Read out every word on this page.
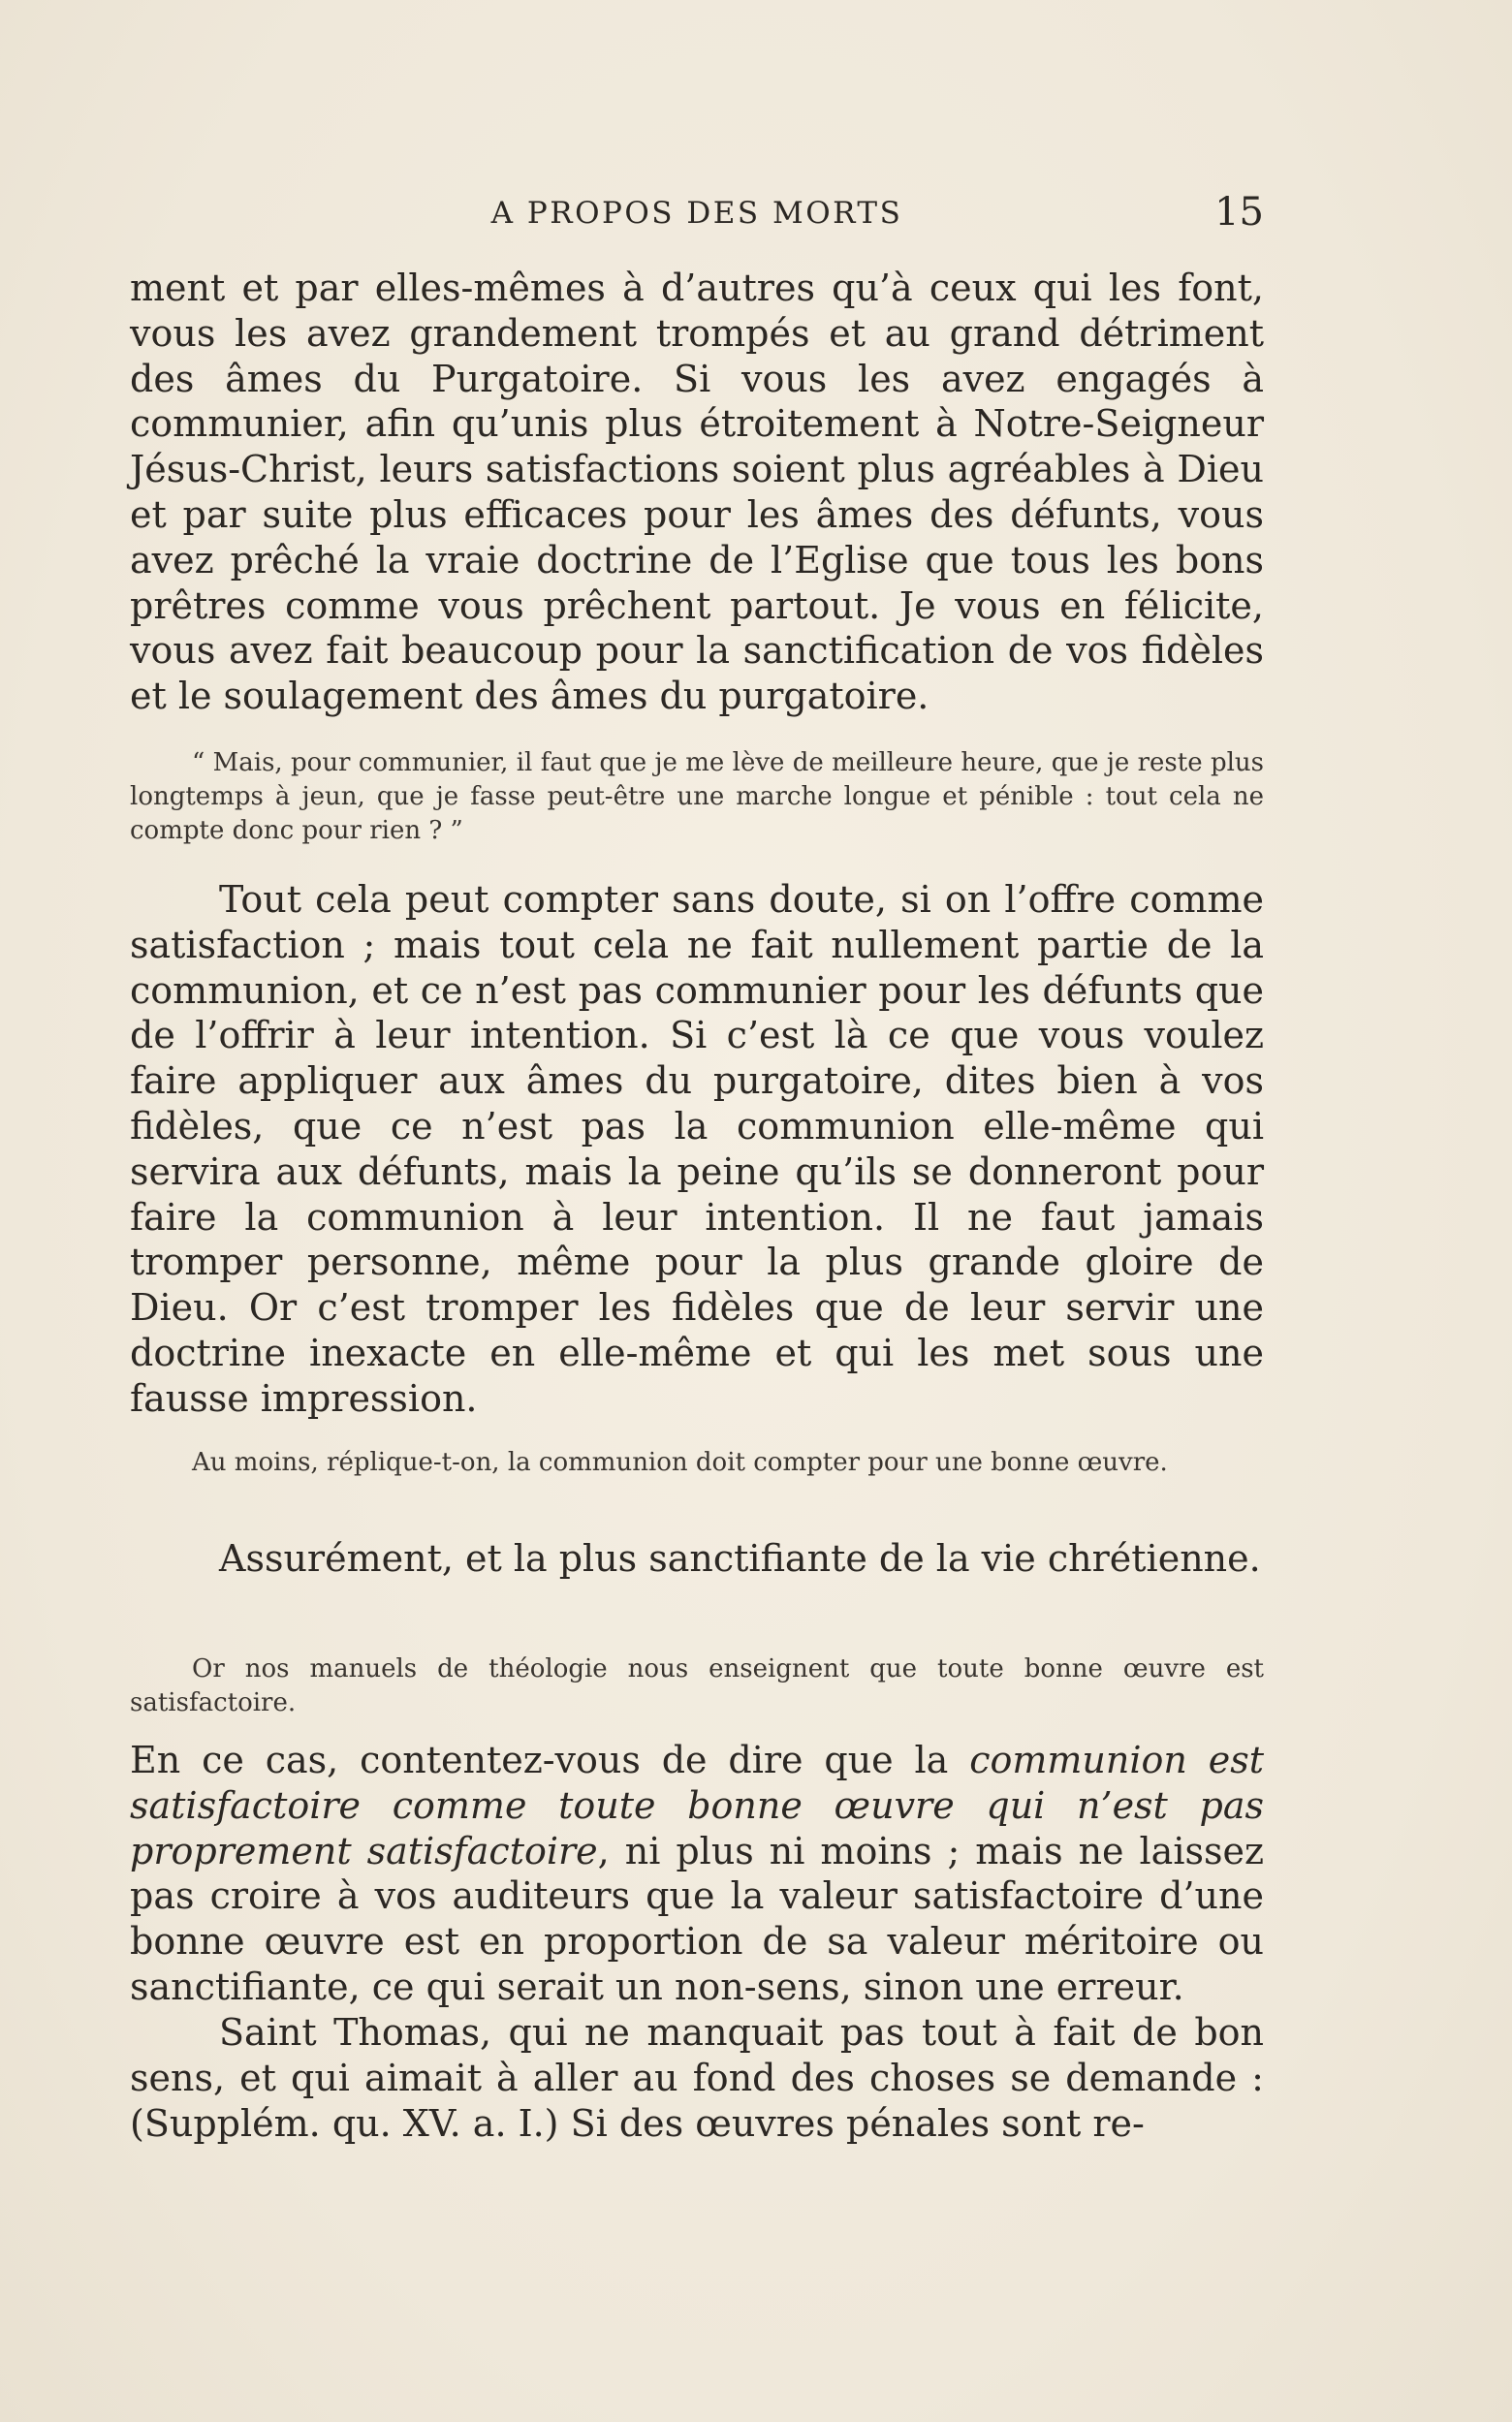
A PROPOS DES MORTS	15

ment et par elles-mêmes à d’autres qu’à ceux qui les font, vous les avez grandement trompés et au grand détriment des âmes du Purgatoire. Si vous les avez engagés à communier, afin qu’unis plus étroitement à Notre-Seigneur Jésus-Christ, leurs satisfactions soient plus agréables à Dieu et par suite plus efficaces pour les âmes des défunts, vous avez prêché la vraie doctrine de l’Eglise que tous les bons prêtres comme vous prêchent partout. Je vous en félicite, vous avez fait beaucoup pour la sanctification de vos fidèles et le soulagement des âmes du purgatoire.

“ Mais, pour communier, il faut que je me lève de meilleure heure, que je reste plus longtemps à jeun, que je fasse peut-être une marche longue et pénible : tout cela ne compte donc pour rien ? ”

Tout cela peut compter sans doute, si on l’offre comme satisfaction ; mais tout cela ne fait nullement partie de la communion, et ce n’est pas communier pour les défunts que de l’offrir à leur intention. Si c’est là ce que vous voulez faire appliquer aux âmes du purgatoire, dites bien à vos fidèles, que ce n’est pas la communion elle-même qui servira aux défunts, mais la peine qu’ils se donneront pour faire la communion à leur intention. Il ne faut jamais tromper personne, même pour la plus grande gloire de Dieu. Or c’est tromper les fidèles que de leur servir une doctrine inexacte en elle-même et qui les met sous une fausse impression.

Au moins, réplique-t-on, la communion doit compter pour une bonne œuvre.

Assurément, et la plus sanctifiante de la vie chrétienne.

Or nos manuels de théologie nous enseignent que toute bonne œuvre est satisfactoire.

En ce cas, contentez-vous de dire que la communion est satisfactoire comme toute bonne œuvre qui n’est pas proprement satisfactoire, ni plus ni moins ; mais ne laissez pas croire à vos auditeurs que la valeur satisfactoire d’une bonne œuvre est en proportion de sa valeur méritoire ou sanctifiante, ce qui serait un non-sens, sinon une erreur.

Saint Thomas, qui ne manquait pas tout à fait de bon sens, et qui aimait à aller au fond des choses se demande : (Supplém. qu. XV. a. I.) Si des œuvres pénales sont re-
